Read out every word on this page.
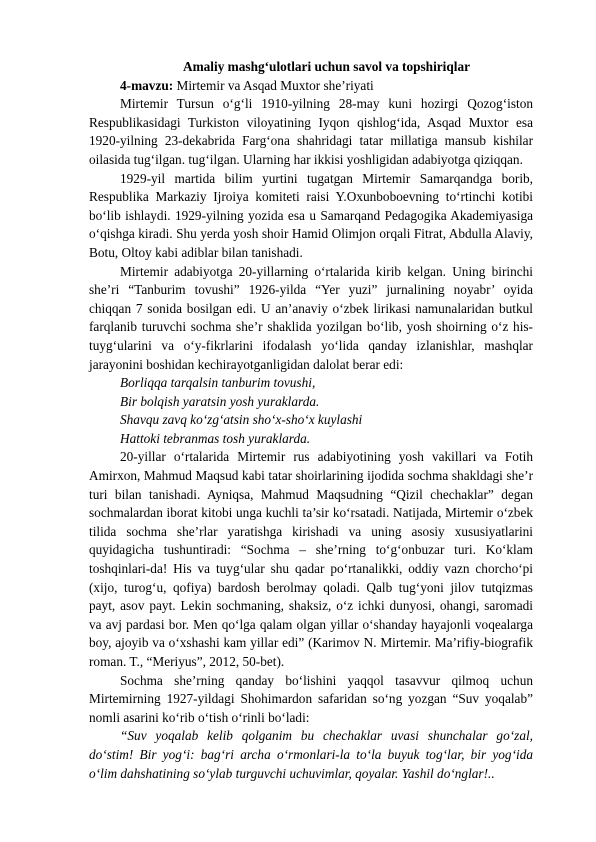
Amaliy mashg‘ulotlari uchun savol va topshiriqlar

4-mavzu: Mirtemir va Asqad Muxtor she’riyati

Mirtemir Tursun o‘g‘li 1910-yilning 28-may kuni hozirgi Qozog‘iston Respublikasidagi Turkiston viloyatining Iyqon qishlog‘ida, Asqad Muxtor esa 1920-yilning 23-dekabrida Farg‘ona shahridagi tatar millatiga mansub kishilar oilasida tug‘ilgan. tug‘ilgan. Ularning har ikkisi yoshligidan adabiyotga qiziqqan.

1929-yil martida bilim yurtini tugatgan Mirtemir Samarqandga borib, Respublika Markaziy Ijroiya komiteti raisi Y.Oxunboboevning to‘rtinchi kotibi bo‘lib ishlaydi. 1929-yilning yozida esa u Samarqand Pedagogika Akademiyasiga o‘qishga kiradi. Shu yerda yosh shoir Hamid Olimjon orqali Fitrat, Abdulla Alaviy, Botu, Oltoy kabi adiblar bilan tanishadi.

Mirtemir adabiyotga 20-yillarning o‘rtalarida kirib kelgan. Uning birinchi she’ri “Tanburim tovushi” 1926-yilda “Yer yuzi” jurnalining noyabr’ oyida chiqqan 7 sonida bosilgan edi. U an’anaviy o‘zbek lirikasi namunalaridan butkul farqlanib turuvchi sochma she’r shaklida yozilgan bo‘lib, yosh shoirning o‘z his-tuyg‘ularini va o‘y-fikrlarini ifodalash yo‘lida qanday izlanishlar, mashqlar jarayonini boshidan kechirayotganligidan dalolat berar edi:

Borliqqa tarqalsin tanburim tovushi,

Bir bolqish yaratsin yosh yuraklarda.

Shavqu zavq ko‘zg‘atsin sho‘x-sho‘x kuylashi

Hattoki tebranmas tosh yuraklarda.

20-yillar o‘rtalarida Mirtemir rus adabiyotining yosh vakillari va Fotih Amirxon, Mahmud Maqsud kabi tatar shoirlarining ijodida sochma shakldagi she’r turi bilan tanishadi. Ayniqsa, Mahmud Maqsudning “Qizil chechaklar” degan sochmalardan iborat kitobi unga kuchli ta’sir ko‘rsatadi. Natijada, Mirtemir o‘zbek tilida sochma she’rlar yaratishga kirishadi va uning asosiy xususiyatlarini quyidagicha tushuntiradi: “Sochma – she’rning to‘g‘onbuzar turi. Ko‘klam toshqinlari-da! His va tuyg‘ular shu qadar po‘rtanalikki, oddiy vazn chorcho‘pi (xijo, turog‘u, qofiya) bardosh berolmay qoladi. Qalb tug‘yoni jilov tutqizmas payt, asov payt. Lekin sochmaning, shaksiz, o‘z ichki dunyosi, ohangi, saromadi va avj pardasi bor. Men qo‘lga qalam olgan yillar o‘shanday hayajonli voqealarga boy, ajoyib va o‘xshashi kam yillar edi” (Karimov N. Mirtemir. Ma’rifiy-biografik roman. T., “Meriyus”, 2012, 50-bet).

Sochma she’rning qanday bo‘lishini yaqqol tasavvur qilmoq uchun Mirtemirning 1927-yildagi Shohimardon safaridan so‘ng yozgan “Suv yoqalab” nomli asarini ko‘rib o‘tish o‘rinli bo‘ladi:

“Suv yoqalab kelib qolganim bu chechaklar uvasi shunchalar go‘zal, do‘stim! Bir yog‘i: bag‘ri archa o‘rmonlari-la to‘la buyuk tog‘lar, bir yog‘ida o‘lim dahshatining so‘ylab turguvchi uchuvimlar, qoyalar. Yashil do‘nglar!..
